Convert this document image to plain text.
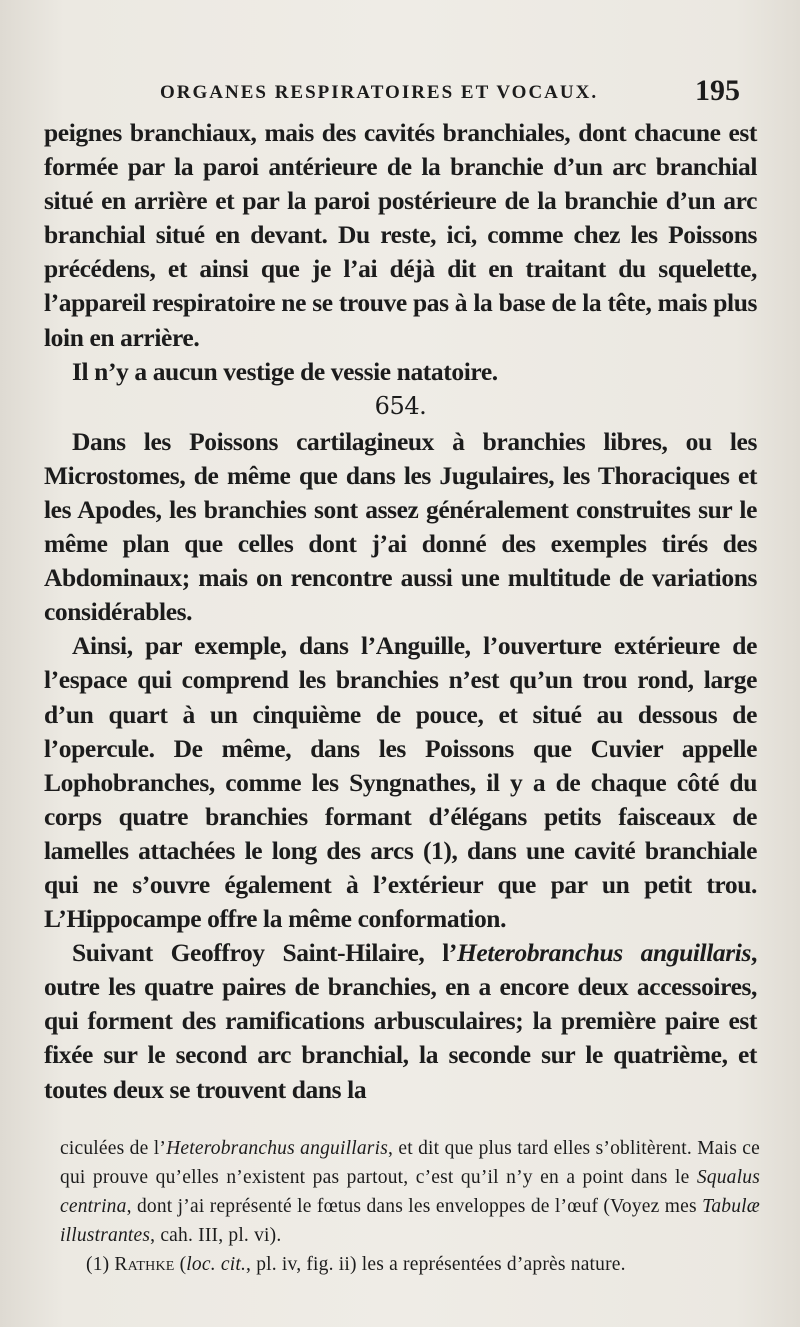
ORGANES RESPIRATOIRES ET VOCAUX.	195

peignes branchiaux, mais des cavités branchiales, dont chacune est formée par la paroi antérieure de la branchie d’un arc branchial situé en arrière et par la paroi postérieure de la branchie d’un arc branchial situé en devant. Du reste, ici, comme chez les Poissons précédens, et ainsi que je l’ai déjà dit en traitant du squelette, l’appareil respiratoire ne se trouve pas à la base de la tête, mais plus loin en arrière.

Il n’y a aucun vestige de vessie natatoire.

654.

Dans les Poissons cartilagineux à branchies libres, ou les Microstomes, de même que dans les Jugulaires, les Thoraciques et les Apodes, les branchies sont assez généralement construites sur le même plan que celles dont j’ai donné des exemples tirés des Abdominaux; mais on rencontre aussi une multitude de variations considérables.

Ainsi, par exemple, dans l’Anguille, l’ouverture extérieure de l’espace qui comprend les branchies n’est qu’un trou rond, large d’un quart à un cinquième de pouce, et situé au dessous de l’opercule. De même, dans les Poissons que Cuvier appelle Lophobranches, comme les Syngnathes, il y a de chaque côté du corps quatre branchies formant d’élégans petits faisceaux de lamelles attachées le long des arcs (1), dans une cavité branchiale qui ne s’ouvre également à l’extérieur que par un petit trou. L’Hippocampe offre la même conformation.

Suivant Geoffroy Saint-Hilaire, l’Heterobranchus anguillaris, outre les quatre paires de branchies, en a encore deux accessoires, qui forment des ramifications arbusculaires; la première paire est fixée sur le second arc branchial, la seconde sur le quatrième, et toutes deux se trouvent dans la

ciculées de l’Heterobranchus anguillaris, et dit que plus tard elles s’oblitèrent. Mais ce qui prouve qu’elles n’existent pas partout, c’est qu’il n’y en a point dans le Squalus centrina, dont j’ai représenté le fœtus dans les enveloppes de l’œuf (Voyez mes Tabulæ illustrantes, cah. III, pl. vi).

(1) Rathke (loc. cit., pl. iv, fig. ii) les a représentées d’après nature.
